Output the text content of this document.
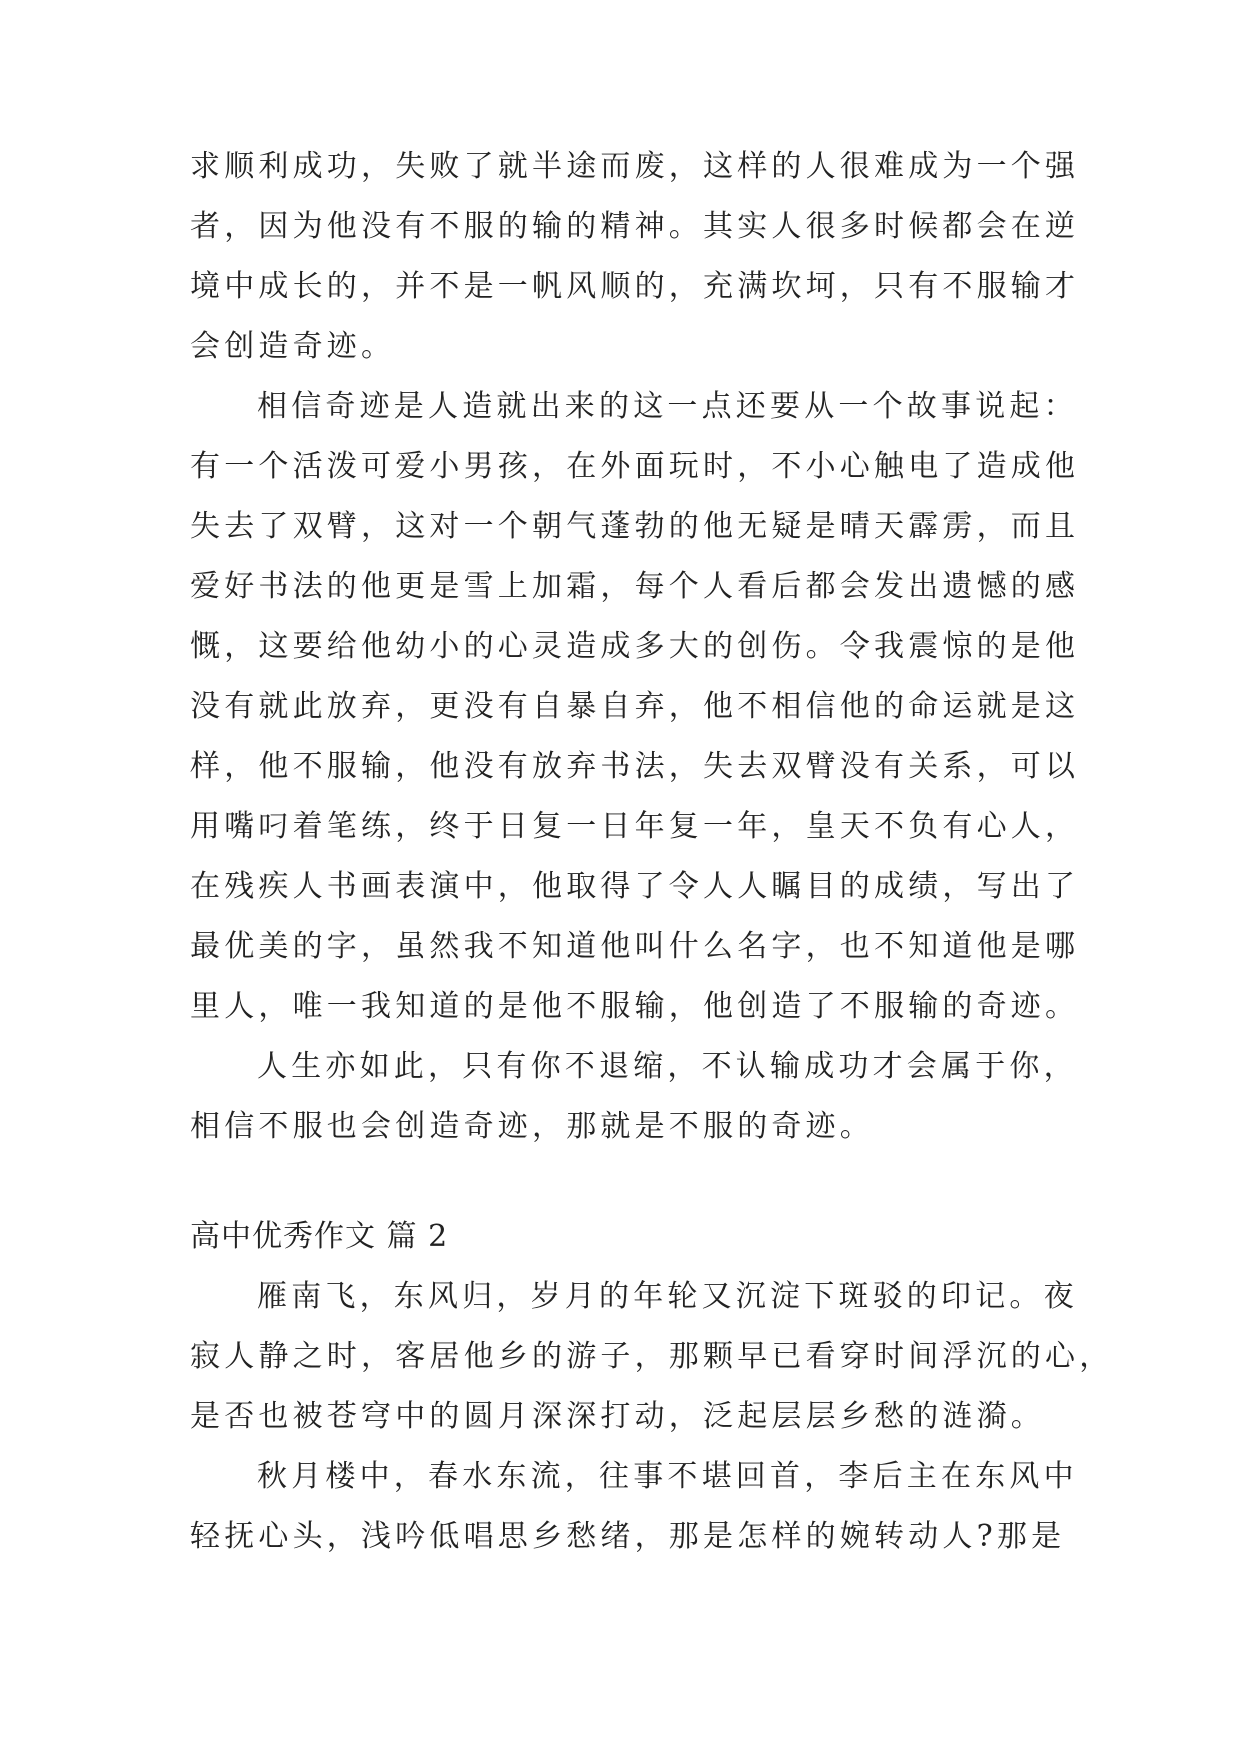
求顺利成功，失败了就半途而废，这样的人很难成为一个强
者，因为他没有不服的输的精神。其实人很多时候都会在逆
境中成长的，并不是一帆风顺的，充满坎坷，只有不服输才
会创造奇迹。
相信奇迹是人造就出来的这一点还要从一个故事说起：
有一个活泼可爱小男孩，在外面玩时，不小心触电了造成他
失去了双臂，这对一个朝气蓬勃的他无疑是晴天霹雳，而且
爱好书法的他更是雪上加霜，每个人看后都会发出遗憾的感
慨，这要给他幼小的心灵造成多大的创伤。令我震惊的是他
没有就此放弃，更没有自暴自弃，他不相信他的命运就是这
样，他不服输，他没有放弃书法，失去双臂没有关系，可以
用嘴叼着笔练，终于日复一日年复一年，皇天不负有心人，
在残疾人书画表演中，他取得了令人人瞩目的成绩，写出了
最优美的字，虽然我不知道他叫什么名字，也不知道他是哪
里人，唯一我知道的是他不服输，他创造了不服输的奇迹。
人生亦如此，只有你不退缩，不认输成功才会属于你，
相信不服也会创造奇迹，那就是不服的奇迹。
高中优秀作文 篇 2
雁南飞，东风归，岁月的年轮又沉淀下斑驳的印记。夜
寂人静之时，客居他乡的游子，那颗早已看穿时间浮沉的心，
是否也被苍穹中的圆月深深打动，泛起层层乡愁的涟漪。
秋月楼中，春水东流，往事不堪回首，李后主在东风中
轻抚心头，浅吟低唱思乡愁绪，那是怎样的婉转动人?那是
